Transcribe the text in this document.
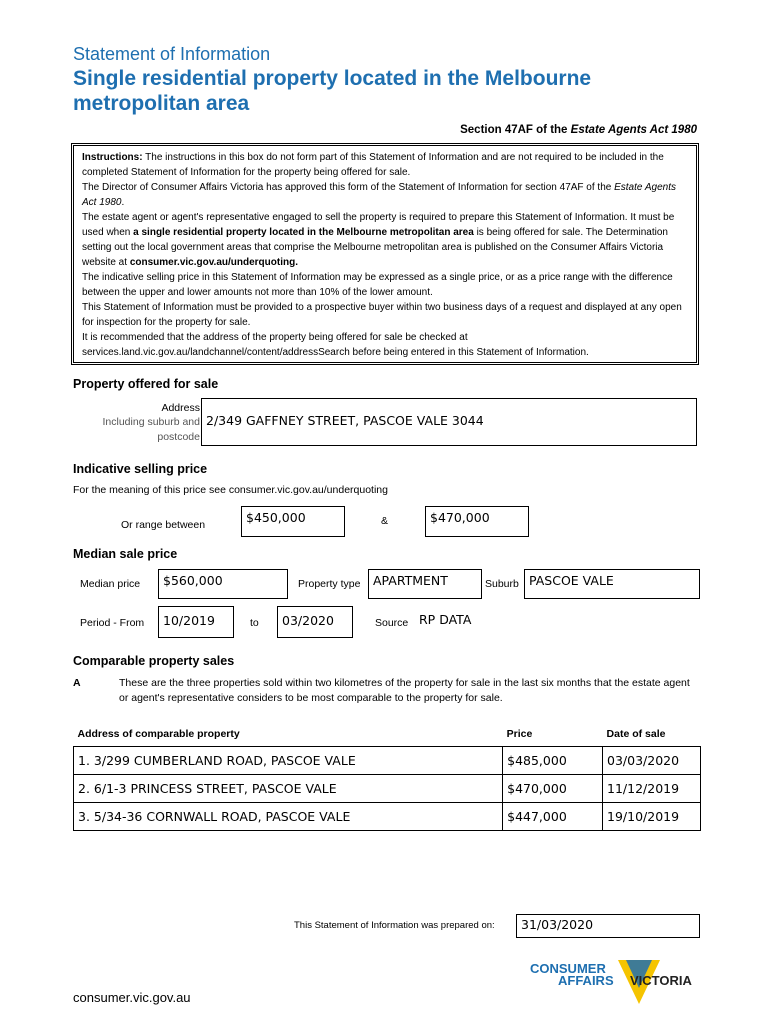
Statement of Information
Single residential property located in the Melbourne metropolitan area
Section 47AF of the Estate Agents Act 1980

Instructions: The instructions in this box do not form part of this Statement of Information and are not required to be included in the completed Statement of Information for the property being offered for sale.

The Director of Consumer Affairs Victoria has approved this form of the Statement of Information for section 47AF of the Estate Agents Act 1980.

The estate agent or agent's representative engaged to sell the property is required to prepare this Statement of Information. It must be used when a single residential property located in the Melbourne metropolitan area is being offered for sale. The Determination setting out the local government areas that comprise the Melbourne metropolitan area is published on the Consumer Affairs Victoria website at consumer.vic.gov.au/underquoting.

The indicative selling price in this Statement of Information may be expressed as a single price, or as a price range with the difference between the upper and lower amounts not more than 10% of the lower amount.

This Statement of Information must be provided to a prospective buyer within two business days of a request and displayed at any open for inspection for the property for sale.

It is recommended that the address of the property being offered for sale be checked at services.land.vic.gov.au/landchannel/content/addressSearch before being entered in this Statement of Information.

Property offered for sale
Address
Including suburb and
postcode
2/349 GAFFNEY STREET, PASCOE VALE 3044
Indicative selling price
For the meaning of this price see consumer.vic.gov.au/underquoting
Or range between	$450,000	&	$470,000
Median sale price
Median price	$560,000	Property type	APARTMENT	Suburb PASCOE VALE
Period - From	10/2019	to	03/2020	Source RP DATA
Comparable property sales
A	These are the three properties sold within two kilometres of the property for sale in the last six months that the estate agent or agent's representative considers to be most comparable to the property for sale.
Address of comparable property	Price	Date of sale
1. 3/299 CUMBERLAND ROAD, PASCOE VALE	$485,000	03/03/2020
2. 6/1-3 PRINCESS STREET, PASCOE VALE	$470,000	11/12/2019
3. 5/34-36 CORNWALL ROAD, PASCOE VALE	$447,000	19/10/2019
This Statement of Information was prepared on:	31/03/2020
CONSUMER
AFFAIRS VICTORIA
consumer.vic.gov.au
